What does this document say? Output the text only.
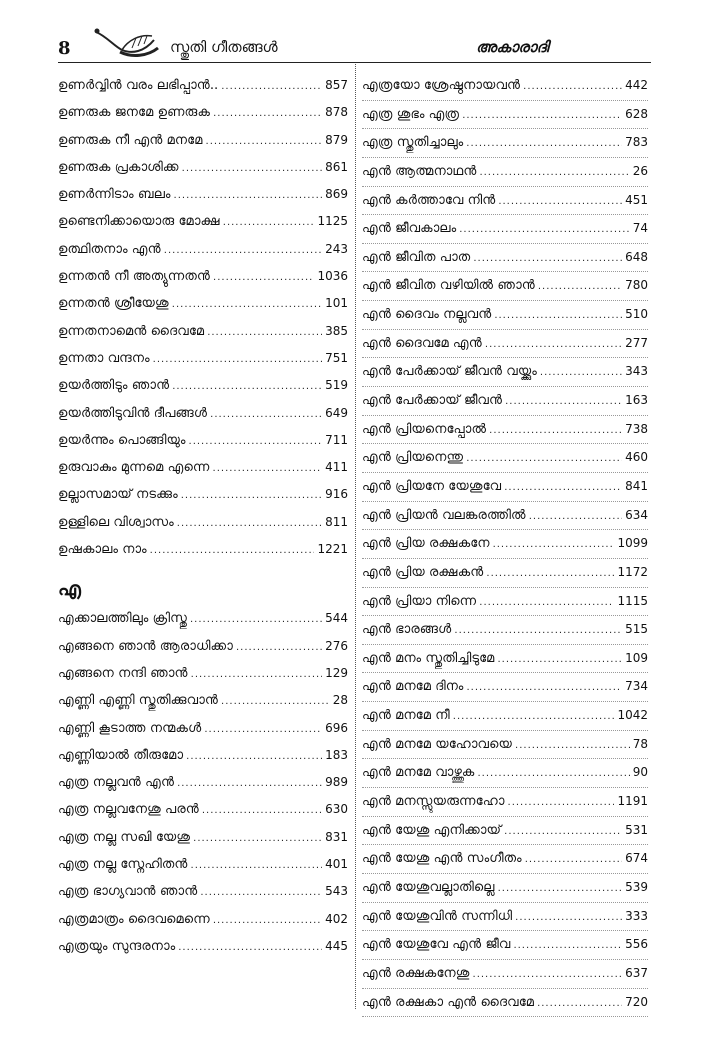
8	സ്തുതി ഗീതങ്ങൾ	അകാരാദി
ഉണർവ്വിൻ വരം ലഭിപ്പാൻ.. .....	857
ഉണരുക ജനമേ ഉണരുക .....	878
ഉണരുക നീ എൻ മനമേ .....	879
ഉണരുക പ്രകാശിക്ക .....	861
ഉണർന്നിടാം ബലം .....	869
ഉണ്ടെനിക്കായൊരു മോക്ഷ .....	1125
ഉത്ഥിതനാം എൻ .....	243
ഉന്നതൻ നീ അത്യുന്നതൻ .....	1036
ഉന്നതൻ ശ്രീയേശു .....	101
ഉന്നതനാമെൻ ദൈവമേ .....	385
ഉന്നതാ വന്ദനം .....	751
ഉയർത്തിടും ഞാൻ .....	519
ഉയർത്തിടുവിൻ ദീപങ്ങൾ .....	649
ഉയർന്നും പൊങ്ങിയും .....	711
ഉരുവാകും മുന്നമെ എന്നെ .....	411
ഉല്ലാസമായ് നടക്കും .....	916
ഉള്ളിലെ വിശ്വാസം .....	811
ഉഷകാലം നാം .....	1221
എ
എക്കാലത്തിലും ക്രിസ്തു .....	544
എങ്ങനെ ഞാൻ ആരാധിക്കാ .....	276
എങ്ങനെ നന്ദി ഞാൻ .....	129
എണ്ണി എണ്ണി സ്തുതിക്കുവാൻ .....	28
എണ്ണി കൂടാത്ത നന്മകൾ .....	696
എണ്ണിയാൽ തീരുമോ .....	183
എത്ര നല്ലവൻ എൻ .....	989
എത്ര നല്ലവനേശു പരൻ .....	630
എത്ര നല്ല സഖി യേശു .....	831
എത്ര നല്ല സ്നേഹിതൻ .....	401
എത്ര ഭാഗ്യവാൻ ഞാൻ .....	543
എത്രമാത്രം ദൈവമെന്നെ .....	402
എത്രയും സുന്ദരനാം .....	445
എത്രയോ ശ്രേഷ്ഠനായവൻ .....	442
എത്ര ശുഭം എത്ര .....	628
എത്ര സ്തുതിച്ചാലും .....	783
എൻ ആത്മനാഥൻ .....	26
എൻ കർത്താവേ നിൻ .....	451
എൻ ജീവകാലം .....	74
എൻ ജീവിത പാത .....	648
എൻ ജീവിത വഴിയിൽ ഞാൻ .....	780
എൻ ദൈവം നല്ലവൻ .....	510
എൻ ദൈവമേ എൻ .....	277
എൻ പേർക്കായ് ജീവൻ വയ്ക്കും .....	343
എൻ പേർക്കായ് ജീവൻ .....	163
എൻ പ്രിയനെപ്പോൽ .....	738
എൻ പ്രിയനെന്തു .....	460
എൻ പ്രിയനേ യേശുവേ .....	841
എൻ പ്രിയൻ വലങ്കരത്തിൽ .....	634
എൻ പ്രിയ രക്ഷകനേ .....	1099
എൻ പ്രിയ രക്ഷകൻ .....	1172
എൻ പ്രിയാ നിന്നെ .....	1115
എൻ ഭാരങ്ങൾ .....	515
എൻ മനം സ്തുതിച്ചിടുമേ .....	109
എൻ മനമേ ദിനം .....	734
എൻ മനമേ നീ .....	1042
എൻ മനമേ യഹോവയെ .....	78
എൻ മനമേ വാഴ്ത്തുക .....	90
എൻ മനസ്സുയരുന്നഹോ .....	1191
എൻ യേശു എനിക്കായ് .....	531
എൻ യേശു എൻ സംഗീതം .....	674
എൻ യേശുവല്ലാതില്ലെ .....	539
എൻ യേശുവിൻ സന്നിധി .....	333
എൻ യേശുവേ എൻ ജീവ .....	556
എൻ രക്ഷകനേശു .....	637
എൻ രക്ഷകാ എൻ ദൈവമേ .....	720
